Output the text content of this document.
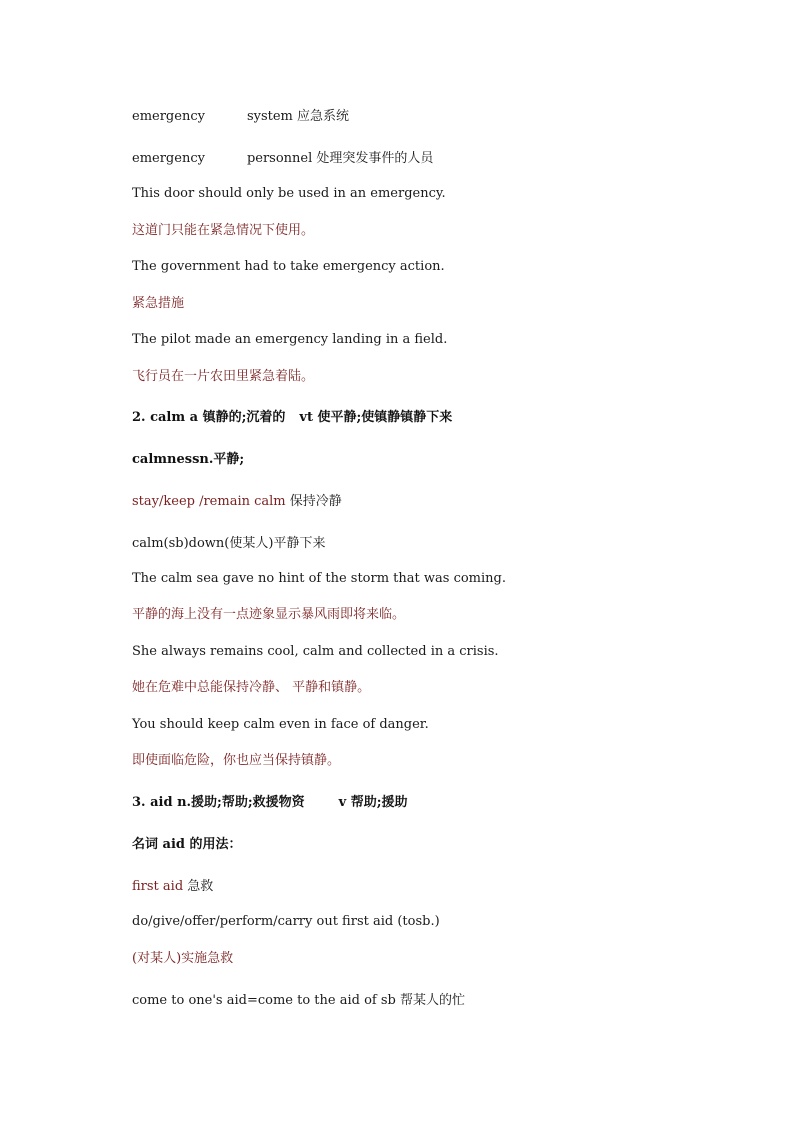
emergency	system 应急系统
emergency	personnel 处理突发事件的人员
This door should only be used in an emergency.
这道门只能在紧急情况下使用。
The government had to take emergency action.
紧急措施
The pilot made an emergency landing in a field.
飞行员在一片农田里紧急着陆。
2. calm a 镇静的;沉着的 vt 使平静;使镇静镇静下来
calmnessn.平静;
stay/keep /remain calm 保持冷静
calm(sb)down(使某人)平静下来
The calm sea gave no hint of the storm that was coming.
平静的海上没有一点迹象显示暴风雨即将来临。
She always remains cool, calm and collected in a crisis.
她在危难中总能保持冷静、 平静和镇静。
You should keep calm even in face of danger.
即使面临危险，你也应当保持镇静。
3. aid n.援助;帮助;救援物资	v 帮助;援助
名词 aid 的用法：
first aid 急救
do/give/offer/perform/carry out first aid (tosb.)
(对某人)实施急救
come to one's aid=come to the aid of sb 帮某人的忙
